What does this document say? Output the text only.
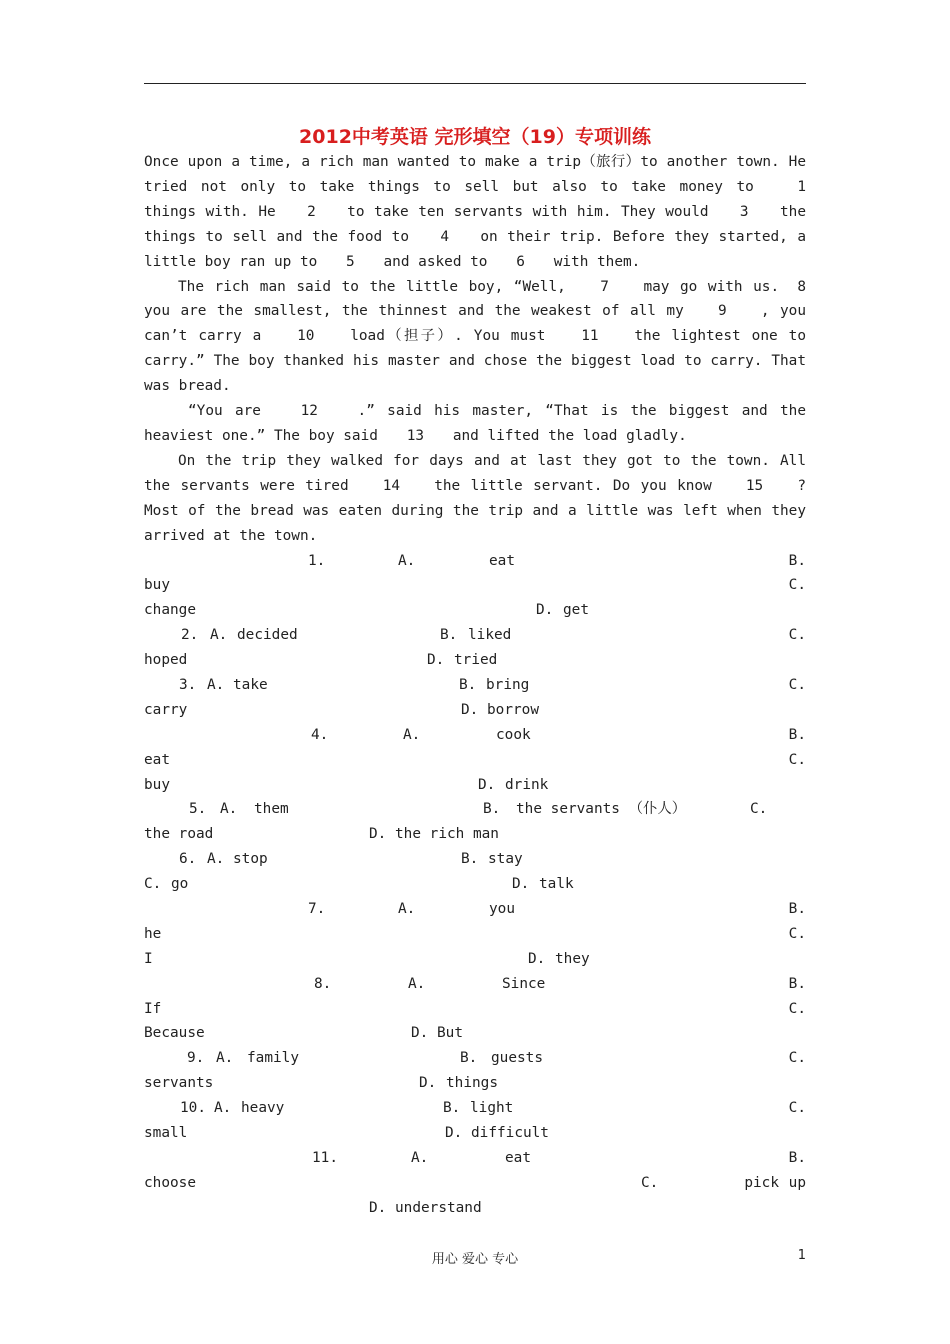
2012中考英语 完形填空（19）专项训练

Once upon a time, a rich man wanted to make a trip（旅行）to another town. He tried not only to take things to sell but also to take money to　　1　　things with. He　　2　　to take ten servants with him. They would　　3　　the things to sell and the food to　　4　　on their trip. Before they started, a little boy ran up to　　5　　and asked to　　6　　with them.

The rich man said to the little boy, “Well,　　7　　may go with us.　8　　you are the smallest, the thinnest and the weakest of all my　　9　　, you can’t carry a　　10　　load（担子）. You must　　11　　the lightest one to carry.” The boy thanked his master and chose the biggest load to carry. That was bread.

“You are　　12　　.” said his master, “That is the biggest and the heaviest one.” The boy said　　13　　and lifted the load gladly.

On the trip they walked for days and at last they got to the town. All the servants were tired　　14　　the little servant. Do you know　　15　　? Most of the bread was eaten during the trip and a little was left when they arrived at the town.

1.	A.	eat	B.
buy	C.
change	D. get
2. A. decided	B. liked	C.
hoped	D. tried
3. A. take	B. bring	C.
carry	D. borrow
4.	A.	cook	B.
eat	C.
buy	D. drink
5. A. them	B. the servants （仆人）	C.
the road	D. the rich man
6. A. stop	B. stay
C. go	D. talk
7.	A.	you	B.
he	C.
I	D. they
8.	A.	Since	B.
If	C.
Because	D. But
9. A. family	B. guests	C.
servants	D. things
10. A. heavy	B. light	C.
small	D. difficult
11.	A.	eat	B.
choose	C.	pick up
D. understand
用心 爱心 专心	1
